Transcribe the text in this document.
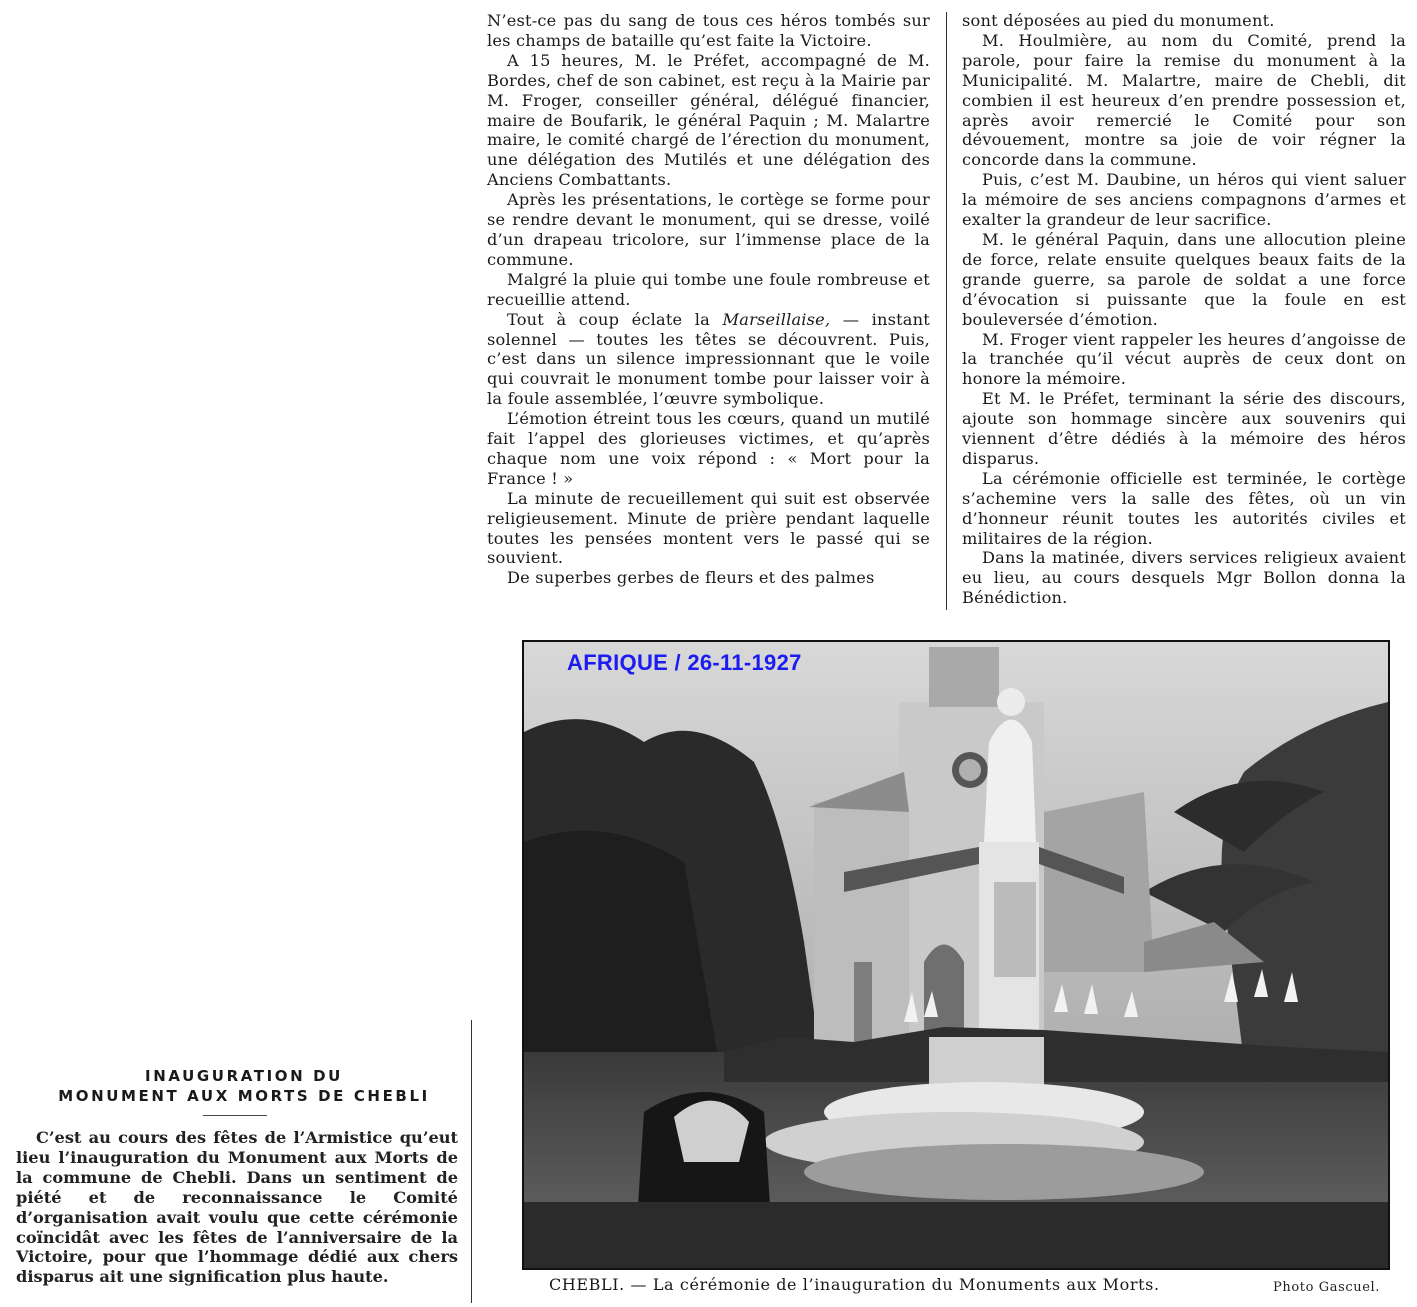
N’est-ce pas du sang de tous ces héros tombés sur les champs de bataille qu’est faite la Victoire.

A 15 heures, M. le Préfet, accompagné de M. Bordes, chef de son cabinet, est reçu à la Mairie par M. Froger, conseiller général, délégué financier, maire de Boufarik, le général Paquin ; M. Malartre maire, le comité chargé de l’érection du monument, une délégation des Mutilés et une délégation des Anciens Combattants.

Après les présentations, le cortège se forme pour se rendre devant le monument, qui se dresse, voilé d’un drapeau tricolore, sur l’immense place de la commune.

Malgré la pluie qui tombe une foule rombreuse et recueillie attend.

Tout à coup éclate la Marseillaise, — instant solennel — toutes les têtes se découvrent. Puis, c’est dans un silence impressionnant que le voile qui couvrait le monument tombe pour laisser voir à la foule assemblée, l’œuvre symbolique.

L’émotion étreint tous les cœurs, quand un mutilé fait l’appel des glorieuses victimes, et qu’après chaque nom une voix répond : « Mort pour la France ! »

La minute de recueillement qui suit est observée religieusement. Minute de prière pendant laquelle toutes les pensées montent vers le passé qui se souvient.

De superbes gerbes de fleurs et des palmes

sont déposées au pied du monument.

M. Houlmière, au nom du Comité, prend la parole, pour faire la remise du monument à la Municipalité. M. Malartre, maire de Chebli, dit combien il est heureux d’en prendre possession et, après avoir remercié le Comité pour son dévouement, montre sa joie de voir régner la concorde dans la commune.

Puis, c’est M. Daubine, un héros qui vient saluer la mémoire de ses anciens compagnons d’armes et exalter la grandeur de leur sacrifice.

M. le général Paquin, dans une allocution pleine de force, relate ensuite quelques beaux faits de la grande guerre, sa parole de soldat a une force d’évocation si puissante que la foule en est bouleversée d’émotion.

M. Froger vient rappeler les heures d’angoisse de la tranchée qu’il vécut auprès de ceux dont on honore la mémoire.

Et M. le Préfet, terminant la série des discours, ajoute son hommage sincère aux souvenirs qui viennent d’être dédiés à la mémoire des héros disparus.

La cérémonie officielle est terminée, le cortège s’achemine vers la salle des fêtes, où un vin d’honneur réunit toutes les autorités civiles et militaires de la région.

Dans la matinée, divers services religieux avaient eu lieu, au cours desquels Mgr Bollon donna la Bénédiction.

AFRIQUE / 26-11-1927
CHEBLI. — La cérémonie de l’inauguration du Monuments aux Morts.	Photo Gascuel.
INAUGURATION DU
MONUMENT AUX MORTS DE CHEBLI

C’est au cours des fêtes de l’Armistice qu’eut lieu l’inauguration du Monument aux Morts de la commune de Chebli. Dans un sentiment de piété et de reconnaissance le Comité d’organisation avait voulu que cette cérémonie coïncidât avec les fêtes de l’anniversaire de la Victoire, pour que l’hommage dédié aux chers disparus ait une signification plus haute.
